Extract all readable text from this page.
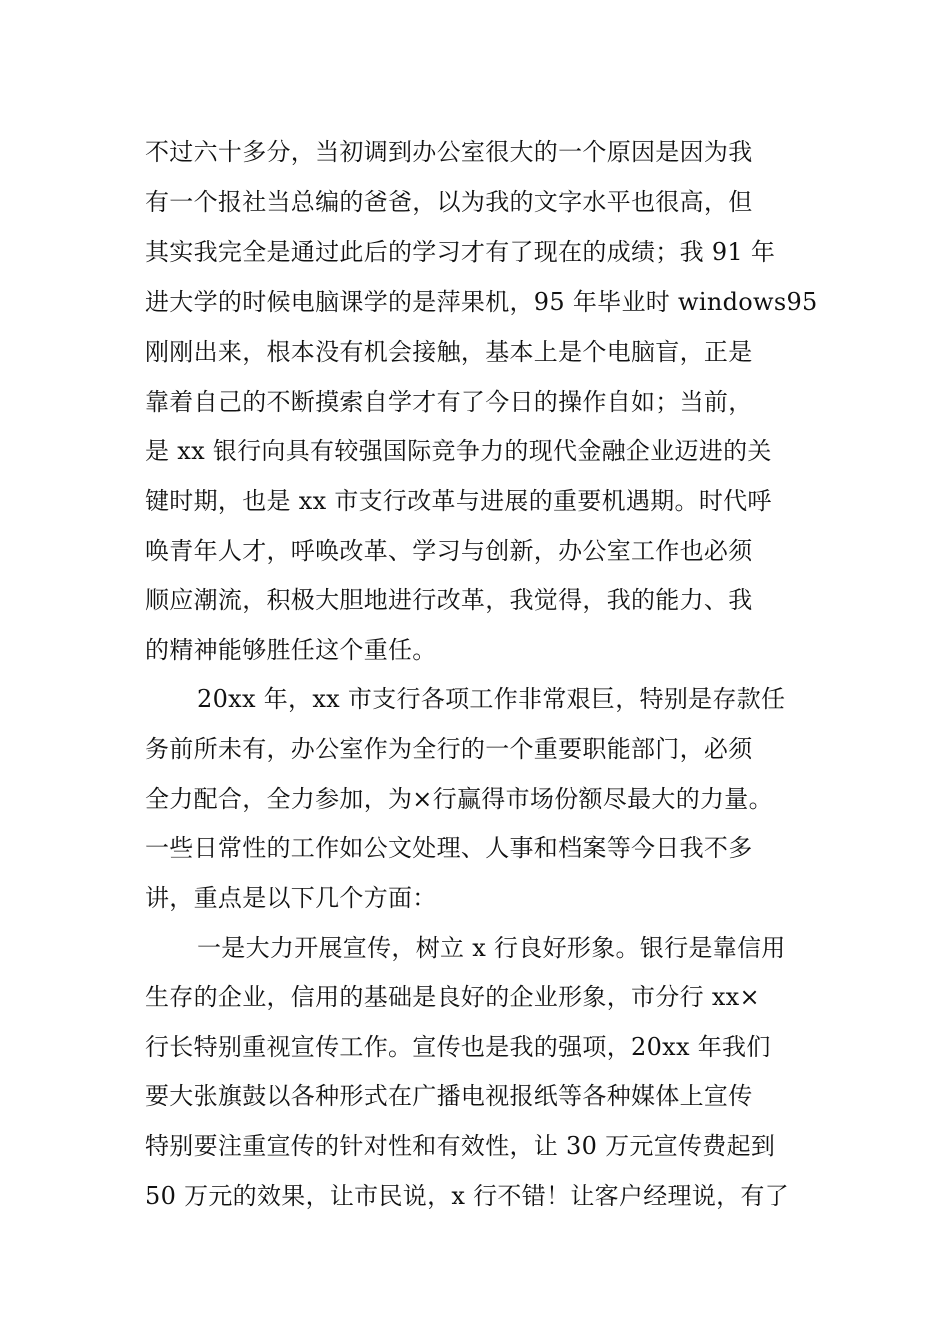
不过六十多分，当初调到办公室很大的一个原因是因为我
有一个报社当总编的爸爸，以为我的文字水平也很高，但
其实我完全是通过此后的学习才有了现在的成绩；我 91 年
进大学的时候电脑课学的是萍果机，95 年毕业时 windows95
刚刚出来，根本没有机会接触，基本上是个电脑盲，正是
靠着自己的不断摸索自学才有了今日的操作自如；当前，
是 xx 银行向具有较强国际竞争力的现代金融企业迈进的关
键时期，也是 xx 市支行改革与进展的重要机遇期。时代呼
唤青年人才，呼唤改革、学习与创新，办公室工作也必须
顺应潮流，积极大胆地进行改革，我觉得，我的能力、我
的精神能够胜任这个重任。
20xx 年，xx 市支行各项工作非常艰巨，特别是存款任
务前所未有，办公室作为全行的一个重要职能部门，必须
全力配合，全力参加，为×行赢得市场份额尽最大的力量。
一些日常性的工作如公文处理、人事和档案等今日我不多
讲，重点是以下几个方面：
一是大力开展宣传，树立 x 行良好形象。银行是靠信用
生存的企业，信用的基础是良好的企业形象，市分行 xx×
行长特别重视宣传工作。宣传也是我的强项，20xx 年我们
要大张旗鼓以各种形式在广播电视报纸等各种媒体上宣传
特别要注重宣传的针对性和有效性，让 30 万元宣传费起到
50 万元的效果，让市民说，x 行不错！让客户经理说，有了
